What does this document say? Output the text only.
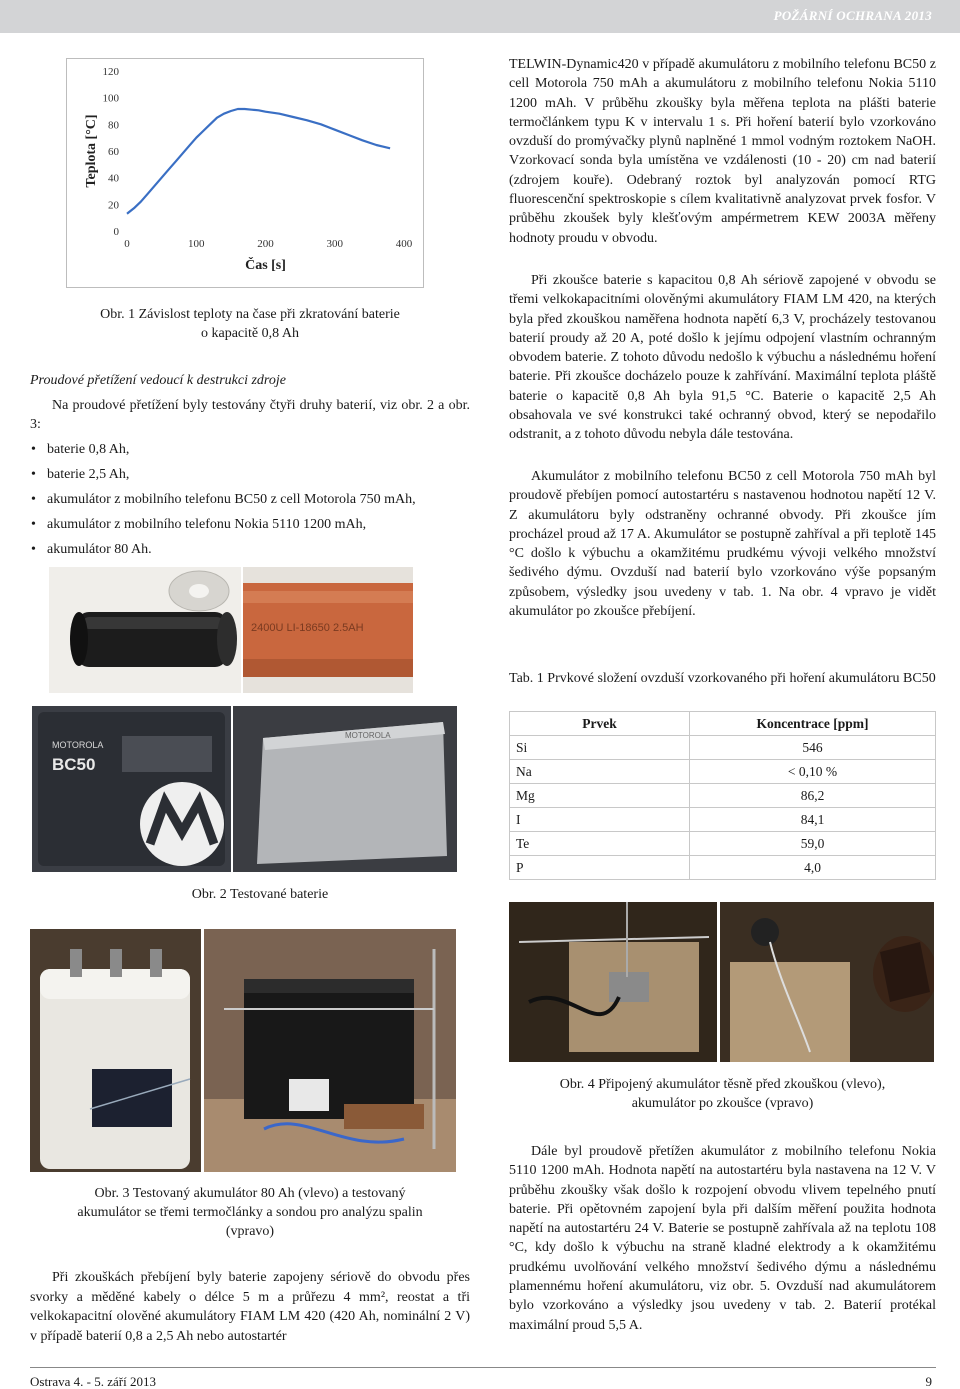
POŽÁRNÍ OCHRANA 2013
0
20
40
60
80
100
120
0	100	200	300	400
Čas [s]
Teplota [°C]
Obr. 1 Závislost teploty na čase při zkratování baterie
o kapacitě 0,8 Ah
Proudové přetížení vedoucí k destrukci zdroje
Na proudové přetížení byly testovány čtyři druhy baterií, viz obr. 2 a obr. 3:
• baterie 0,8 Ah,
• baterie 2,5 Ah,
• akumulátor z mobilního telefonu BC50 z cell Motorola 750 mAh,
• akumulátor z mobilního telefonu Nokia 5110 1200 mAh,
• akumulátor 80 Ah.
2400U LI-18650 2.5AH
MOTOROLA
BC50
MOTOROLA
Obr. 2 Testované baterie
Obr. 3 Testovaný akumulátor 80 Ah (vlevo) a testovaný
akumulátor se třemi termočlánky a sondou pro analýzu spalin
(vpravo)
Při zkouškách přebíjení byly baterie zapojeny sériově do obvodu přes svorky a měděné kabely o délce 5 m a průřezu 4 mm², reostat a tři velkokapacitní olověné akumulátory FIAM LM 420 (420 Ah, nominální 2 V) v případě baterií 0,8 a 2,5 Ah nebo autostartér
TELWIN-Dynamic420 v případě akumulátoru z mobilního telefonu BC50 z cell Motorola 750 mAh a akumulátoru z mobilního telefonu Nokia 5110 1200 mAh. V průběhu zkoušky byla měřena teplota na plášti baterie termočlánkem typu K v intervalu 1 s. Při hoření baterií bylo vzorkováno ovzduší do promývačky plynů naplněné 1 mmol vodným roztokem NaOH. Vzorkovací sonda byla umístěna ve vzdálenosti (10 - 20) cm nad baterií (zdrojem kouře). Odebraný roztok byl analyzován pomocí RTG fluorescenční spektroskopie s cílem kvalitativně analyzovat prvek fosfor. V průběhu zkoušek byly klešťovým ampérmetrem KEW 2003A měřeny hodnoty proudu v obvodu.
Při zkoušce baterie s kapacitou 0,8 Ah sériově zapojené v obvodu se třemi velkokapacitními olověnými akumulátory FIAM LM 420, na kterých byla před zkouškou naměřena hodnota napětí 6,3 V, procházely testovanou baterií proudy až 20 A, poté došlo k jejímu odpojení vlastním ochranným obvodem baterie. Z tohoto důvodu nedošlo k výbuchu a následnému hoření baterie. Při zkoušce docházelo pouze k zahřívání. Maximální teplota pláště baterie o kapacitě 0,8 Ah byla 91,5 °C. Baterie o kapacitě 2,5 Ah obsahovala ve své konstrukci také ochranný obvod, který se nepodařilo odstranit, a z tohoto důvodu nebyla dále testována.
Akumulátor z mobilního telefonu BC50 z cell Motorola 750 mAh byl proudově přebíjen pomocí autostartéru s nastavenou hodnotou napětí 12 V. Z akumulátoru byly odstraněny ochranné obvody. Při zkoušce jím procházel proud až 17 A. Akumulátor se postupně zahříval a při teplotě 145 °C došlo k výbuchu a okamžitému prudkému vývoji velkého množství šedivého dýmu. Ovzduší nad baterií bylo vzorkováno výše popsaným způsobem, výsledky jsou uvedeny v tab. 1. Na obr. 4 vpravo je vidět akumulátor po zkoušce přebíjení.
Tab. 1 Prvkové složení ovzduší vzorkovaného při hoření akumulátoru BC50
Prvek	Koncentrace [ppm]
Si	546
Na	< 0,10 %
Mg	86,2
I	84,1
Te	59,0
P	4,0
Obr. 4 Připojený akumulátor těsně před zkouškou (vlevo),
akumulátor po zkoušce (vpravo)
Dále byl proudově přetížen akumulátor z mobilního telefonu Nokia 5110 1200 mAh. Hodnota napětí na autostartéru byla nastavena na 12 V. V průběhu zkoušky však došlo k rozpojení obvodu vlivem tepelného pnutí baterie. Při opětovném zapojení byla při dalším měření použita hodnota napětí na autostartéru 24 V. Baterie se postupně zahřívala až na teplotu 108 °C, kdy došlo k výbuchu na straně kladné elektrody a k okamžitému prudkému uvolňování velkého množství šedivého dýmu a následnému plamennému hoření akumulátoru, viz obr. 5. Ovzduší nad akumulátorem bylo vzorkováno a výsledky jsou uvedeny v tab. 2. Baterií protékal maximální proud 5,5 A.
Ostrava 4. - 5. září 2013	9
